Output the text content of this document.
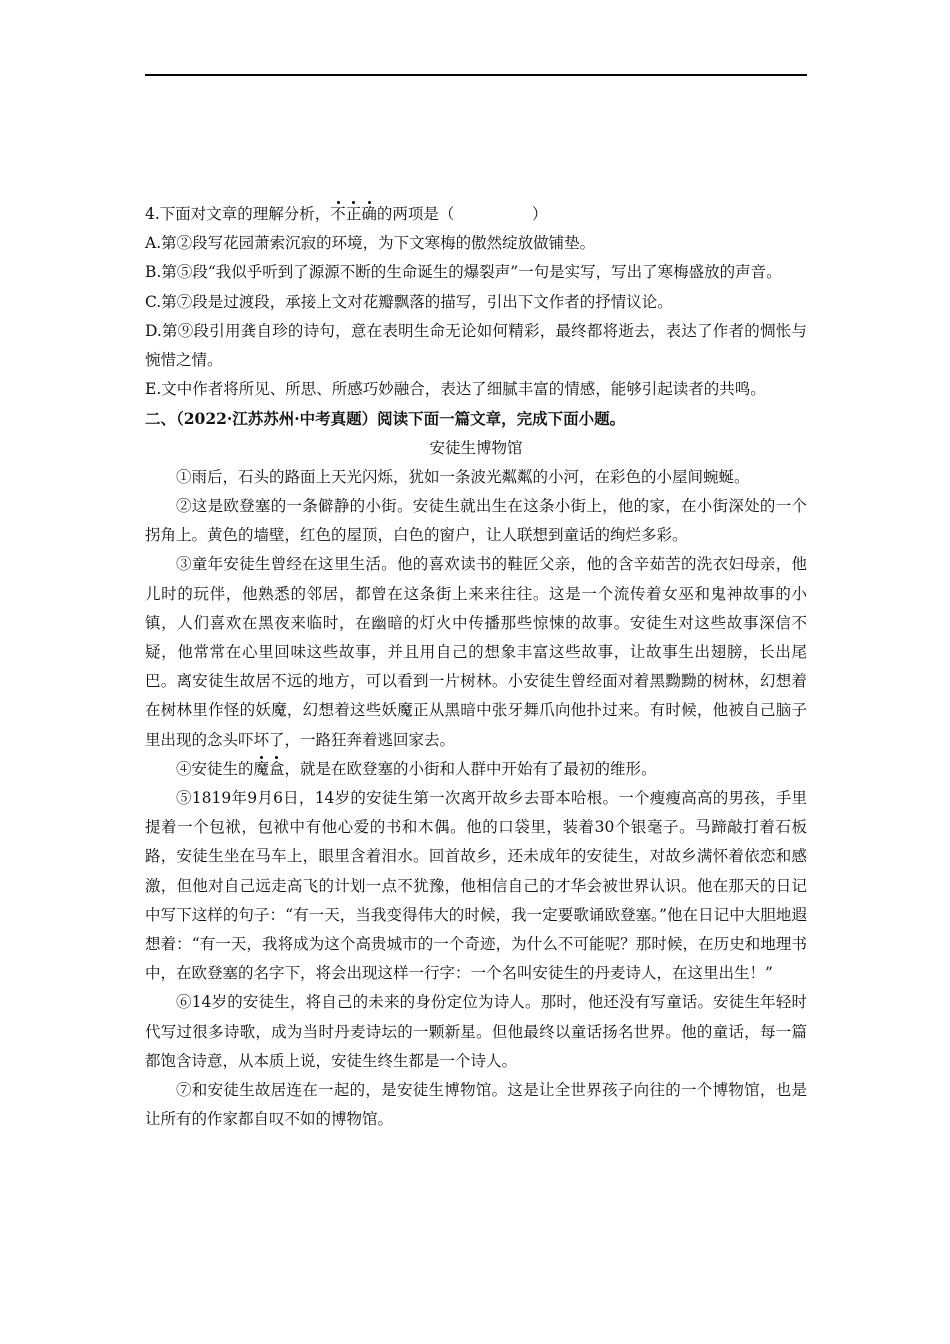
4.下面对文章的理解分析，不正确的两项是（	）

A.第②段写花园萧索沉寂的环境，为下文寒梅的傲然绽放做铺垫。

B.第⑤段“我似乎听到了源源不断的生命诞生的爆裂声”一句是实写，写出了寒梅盛放的声音。

C.第⑦段是过渡段，承接上文对花瓣飘落的描写，引出下文作者的抒情议论。

D.第⑨段引用龚自珍的诗句，意在表明生命无论如何精彩，最终都将逝去，表达了作者的惆怅与惋惜之情。

E.文中作者将所见、所思、所感巧妙融合，表达了细腻丰富的情感，能够引起读者的共鸣。

二、（2022·江苏苏州·中考真题）阅读下面一篇文章，完成下面小题。

安徒生博物馆

①雨后，石头的路面上天光闪烁，犹如一条波光粼粼的小河，在彩色的小屋间蜿蜒。

②这是欧登塞的一条僻静的小街。安徒生就出生在这条小街上，他的家，在小街深处的一个拐角上。黄色的墙壁，红色的屋顶，白色的窗户，让人联想到童话的绚烂多彩。

③童年安徒生曾经在这里生活。他的喜欢读书的鞋匠父亲，他的含辛茹苦的洗衣妇母亲，他儿时的玩伴，他熟悉的邻居，都曾在这条街上来来往往。这是一个流传着女巫和鬼神故事的小镇，人们喜欢在黑夜来临时，在幽暗的灯火中传播那些惊悚的故事。安徒生对这些故事深信不疑，他常常在心里回味这些故事，并且用自己的想象丰富这些故事，让故事生出翅膀，长出尾巴。离安徒生故居不远的地方，可以看到一片树林。小安徒生曾经面对着黑黝黝的树林，幻想着在树林里作怪的妖魔，幻想着这些妖魔正从黑暗中张牙舞爪向他扑过来。有时候，他被自己脑子里出现的念头吓坏了，一路狂奔着逃回家去。

④安徒生的魔盒，就是在欧登塞的小街和人群中开始有了最初的维形。

⑤1819年9月6日，14岁的安徒生第一次离开故乡去哥本哈根。一个瘦瘦高高的男孩，手里提着一个包袱，包袱中有他心爱的书和木偶。他的口袋里，装着30个银毫子。马蹄敲打着石板路，安徒生坐在马车上，眼里含着泪水。回首故乡，还未成年的安徒生，对故乡满怀着依恋和感激，但他对自己远走高飞的计划一点不犹豫，他相信自己的才华会被世界认识。他在那天的日记中写下这样的句子：“有一天，当我变得伟大的时候，我一定要歌诵欧登塞。”他在日记中大胆地遐想着：“有一天，我将成为这个高贵城市的一个奇迹，为什么不可能呢？那时候，在历史和地理书中，在欧登塞的名字下，将会出现这样一行字：一个名叫安徒生的丹麦诗人，在这里出生！”

⑥14岁的安徒生，将自己的未来的身份定位为诗人。那时，他还没有写童话。安徒生年轻时代写过很多诗歌，成为当时丹麦诗坛的一颗新星。但他最终以童话扬名世界。他的童话，每一篇都饱含诗意，从本质上说，安徒生终生都是一个诗人。

⑦和安徒生故居连在一起的，是安徒生博物馆。这是让全世界孩子向往的一个博物馆，也是让所有的作家都自叹不如的博物馆。
